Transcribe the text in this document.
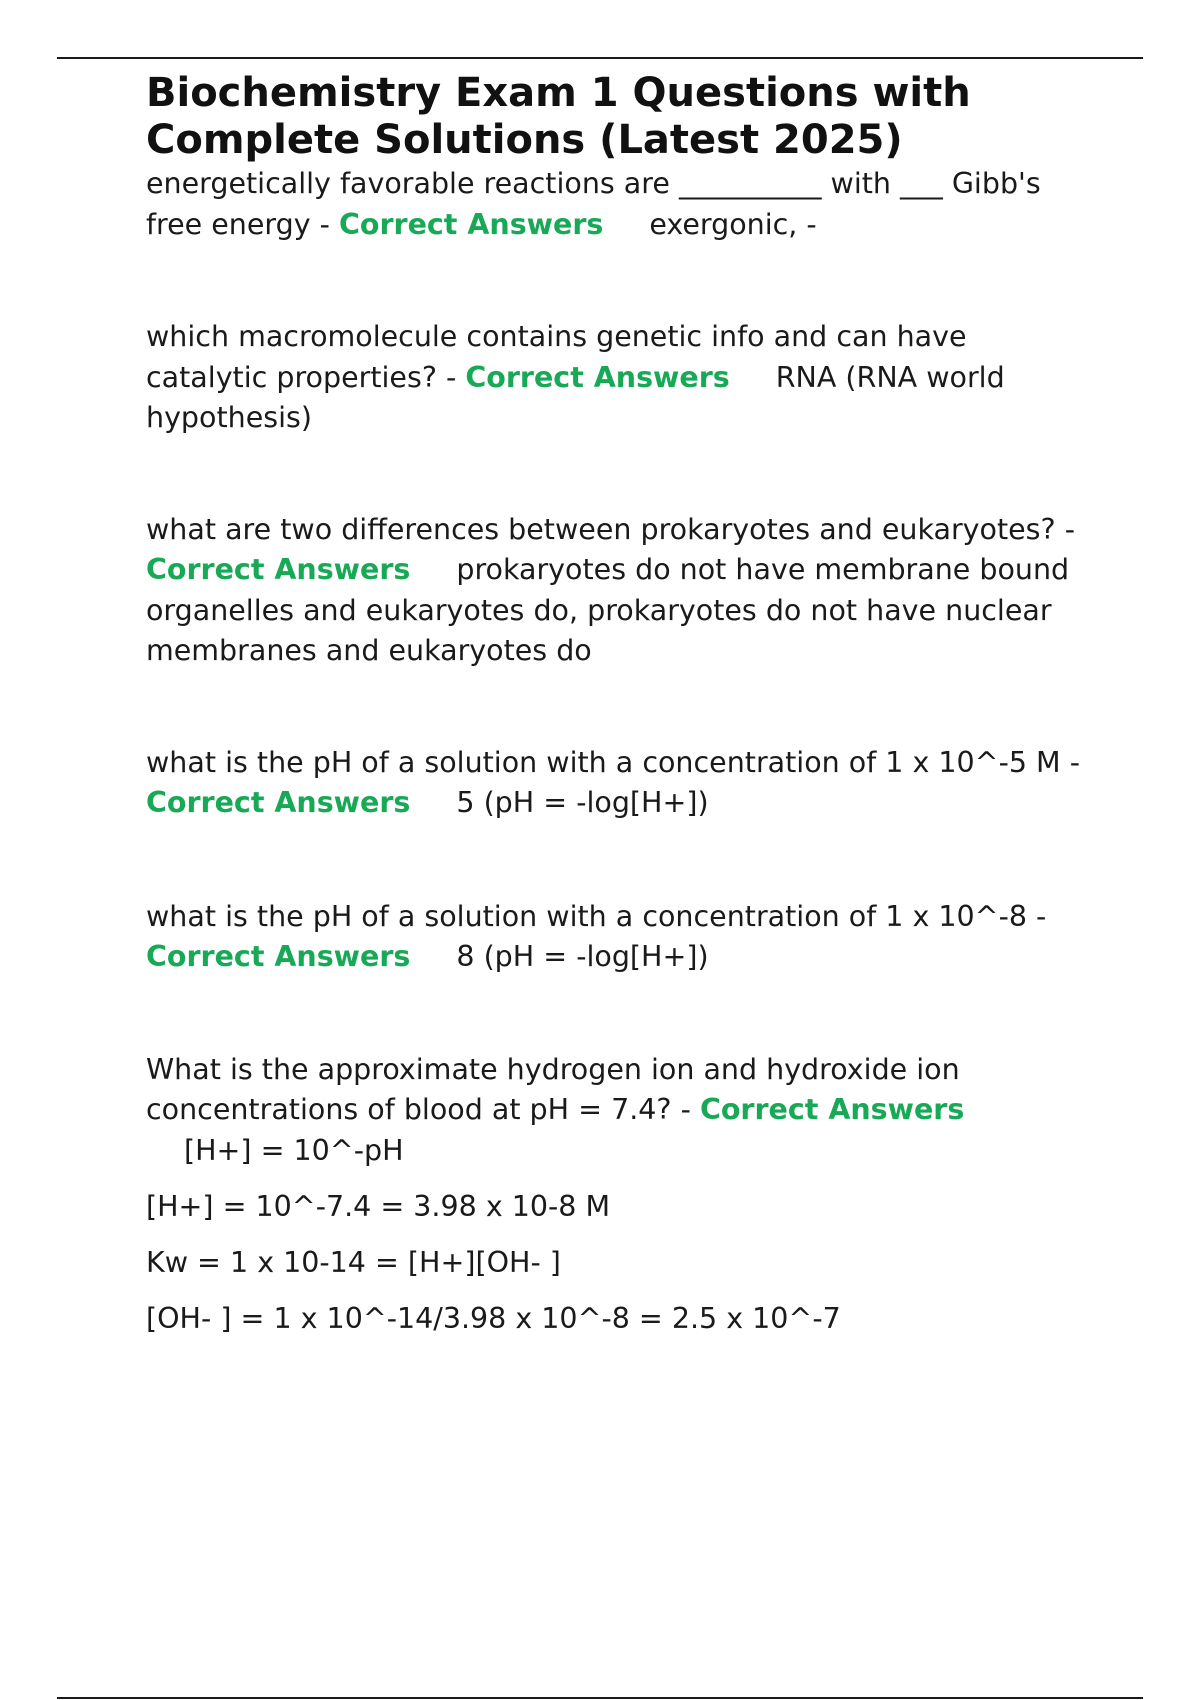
Biochemistry Exam 1 Questions with
Complete Solutions (Latest 2025)

energetically favorable reactions are __________ with ___ Gibb's free energy - Correct Answers exergonic, -

which macromolecule contains genetic info and can have catalytic properties? - Correct Answers RNA (RNA world hypothesis)

what are two differences between prokaryotes and eukaryotes? - Correct Answers prokaryotes do not have membrane bound organelles and eukaryotes do, prokaryotes do not have nuclear membranes and eukaryotes do

what is the pH of a solution with a concentration of 1 x 10^-5 M - Correct Answers 5 (pH = -log[H+])

what is the pH of a solution with a concentration of 1 x 10^-8 - Correct Answers 8 (pH = -log[H+])

What is the approximate hydrogen ion and hydroxide ion concentrations of blood at pH = 7.4? - Correct Answers
[H+] = 10^-pH

[H+] = 10^-7.4 = 3.98 x 10-8 M

Kw = 1 x 10-14 = [H+][OH- ]

[OH- ] = 1 x 10^-14/3.98 x 10^-8 = 2.5 x 10^-7
